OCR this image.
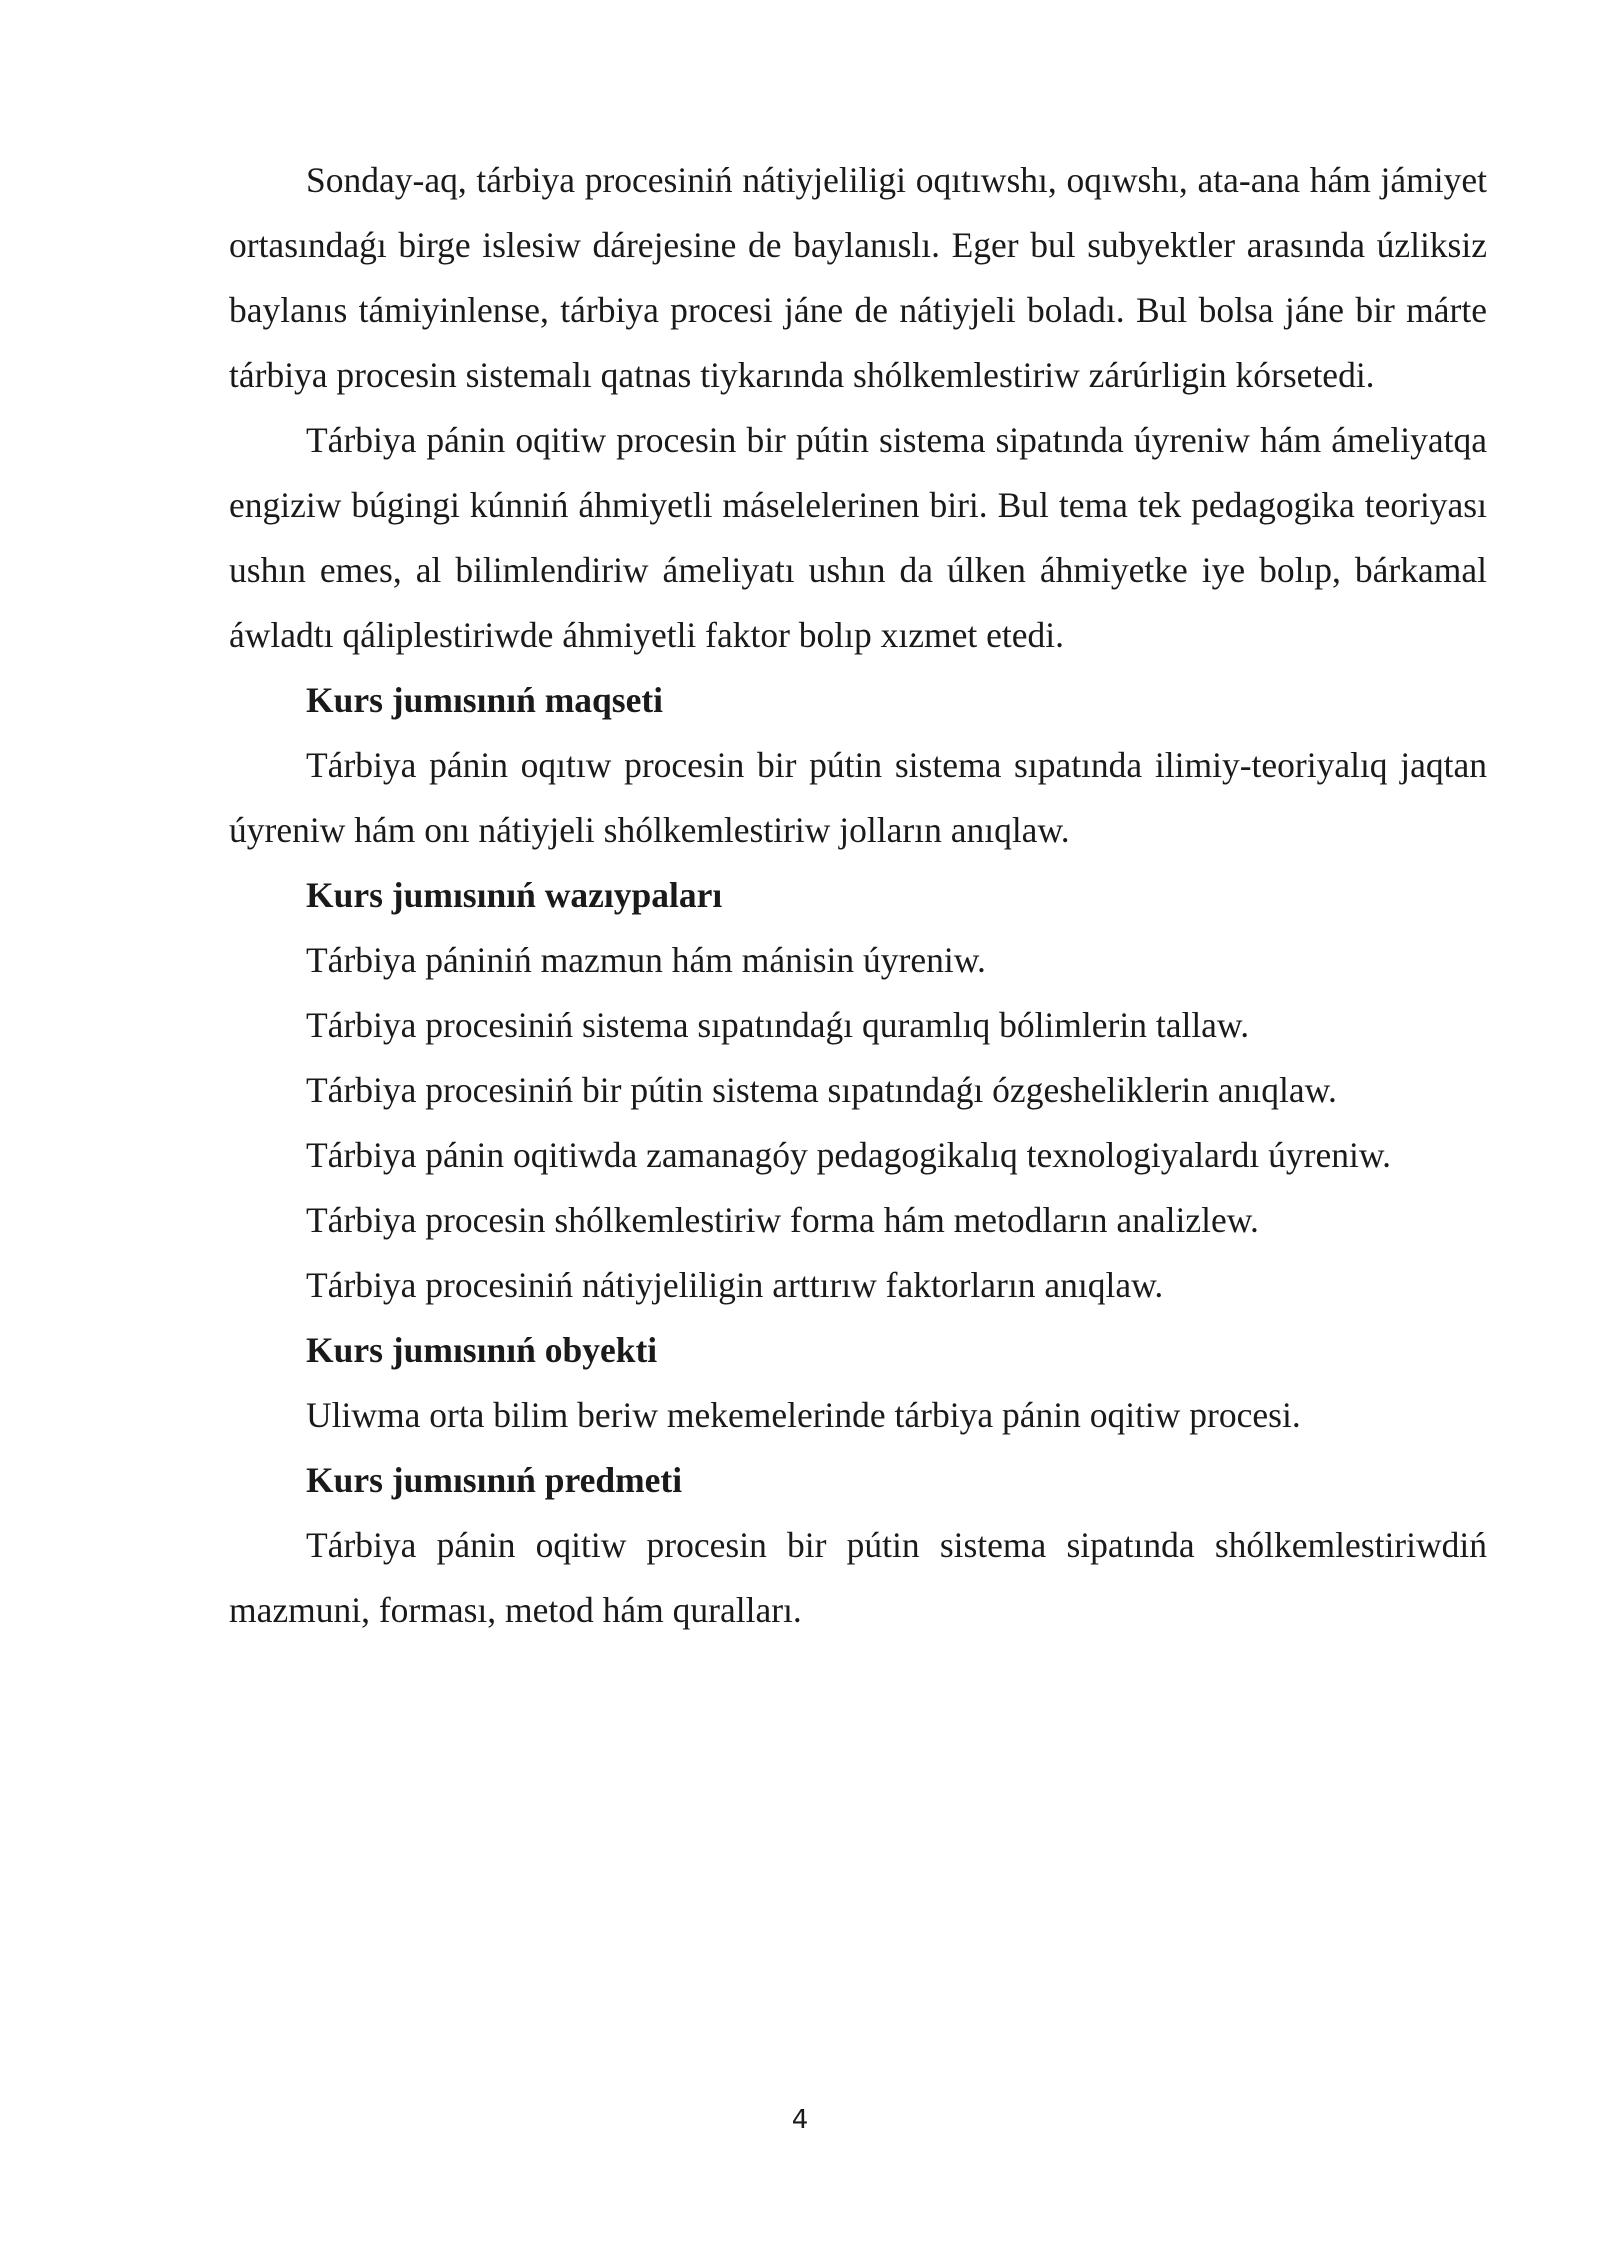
Sonday-aq, tárbiya procesiniń nátiyjeliligi oqıtıwshı, oqıwshı, ata-ana hám jámiyet ortasındaǵı birge islesiw dárejesine de baylanıslı. Eger bul subyektler arasında úzliksiz baylanıs támiyinlense, tárbiya procesi jáne de nátiyjeli boladı. Bul bolsa jáne bir márte tárbiya procesin sistemalı qatnas tiykarında shólkemlestiriw zárúrligin kórsetedi.

Tárbiya pánin oqitiw procesin bir pútin sistema sipatında úyreniw hám ámeliyatqa engiziw búgingi kúnniń áhmiyetli máselelerinen biri. Bul tema tek pedagogika teoriyası ushın emes, al bilimlendiriw ámeliyatı ushın da úlken áhmiyetke iye bolıp, bárkamal áwladtı qáliplestiriwde áhmiyetli faktor bolıp xızmet etedi.

Kurs jumısınıń maqseti

Tárbiya pánin oqıtıw procesin bir pútin sistema sıpatında ilimiy-teoriyalıq jaqtan úyreniw hám onı nátiyjeli shólkemlestiriw jolların anıqlaw.

Kurs jumısınıń wazıypaları

Tárbiya pániniń mazmun hám mánisin úyreniw.

Tárbiya procesiniń sistema sıpatındaǵı quramlıq bólimlerin tallaw.

Tárbiya procesiniń bir pútin sistema sıpatındaǵı ózgesheliklerin anıqlaw.

Tárbiya pánin oqitiwda zamanagóy pedagogikalıq texnologiyalardı úyreniw.

Tárbiya procesin shólkemlestiriw forma hám metodların analizlew.

Tárbiya procesiniń nátiyjeliligin arttırıw faktorların anıqlaw.

Kurs jumısınıń obyekti

Uliwma orta bilim beriw mekemelerinde tárbiya pánin oqitiw procesi.

Kurs jumısınıń predmeti

Tárbiya pánin oqitiw procesin bir pútin sistema sipatında shólkemlestiriwdiń mazmuni, forması, metod hám quralları.

4
